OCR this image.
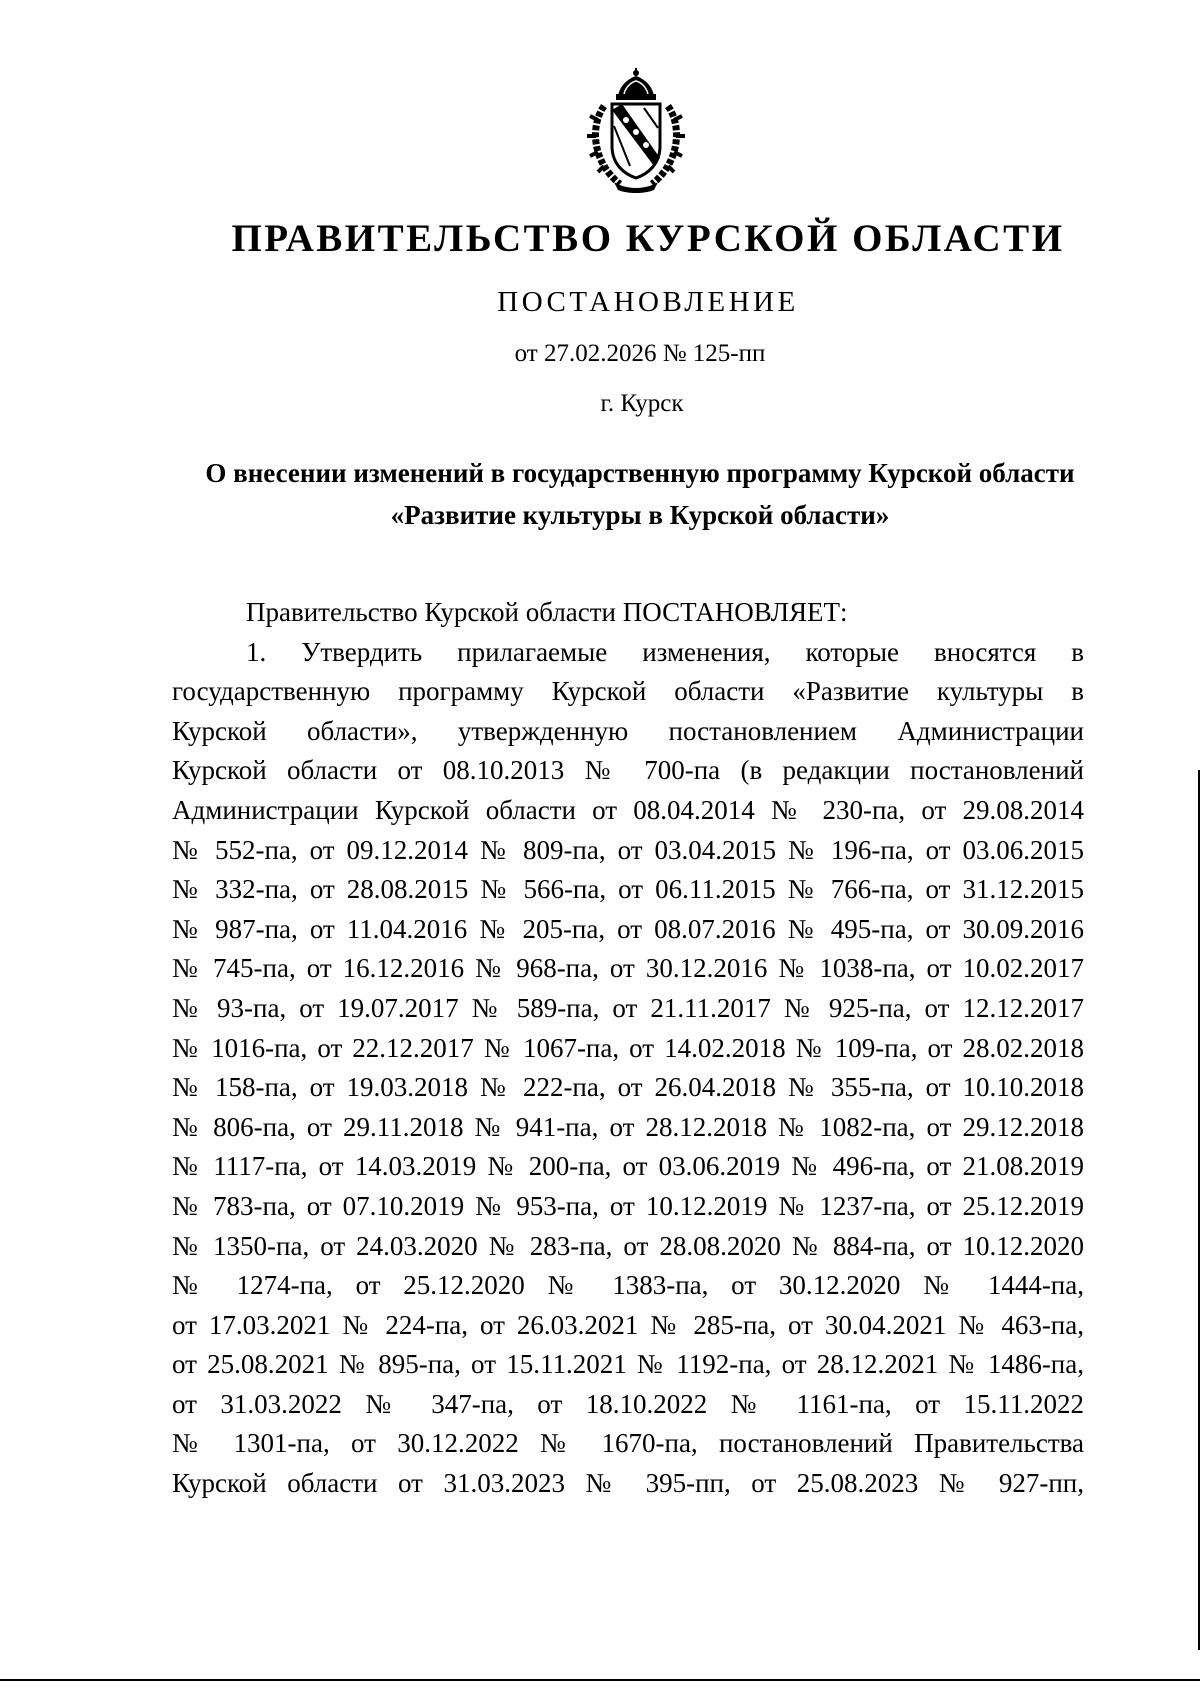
ПРАВИТЕЛЬСТВО КУРСКОЙ ОБЛАСТИ
ПОСТАНОВЛЕНИЕ
от 27.02.2026 № 125-пп
г. Курск
О внесении изменений в государственную программу Курской области
«Развитие культуры в Курской области»
Правительство Курской области ПОСТАНОВЛЯЕТ:
1. Утвердить прилагаемые изменения, которые вносятся в
государственную программу Курской области «Развитие культуры в
Курской области», утвержденную постановлением Администрации
Курской области от 08.10.2013 № 700-па (в редакции постановлений
Администрации Курской области от 08.04.2014 № 230-па, от 29.08.2014
№ 552-па, от 09.12.2014 № 809-па, от 03.04.2015 № 196-па, от 03.06.2015
№ 332-па, от 28.08.2015 № 566-па, от 06.11.2015 № 766-па, от 31.12.2015
№ 987-па, от 11.04.2016 № 205-па, от 08.07.2016 № 495-па, от 30.09.2016
№ 745-па, от 16.12.2016 № 968-па, от 30.12.2016 № 1038-па, от 10.02.2017
№ 93-па, от 19.07.2017 № 589-па, от 21.11.2017 № 925-па, от 12.12.2017
№ 1016-па, от 22.12.2017 № 1067-па, от 14.02.2018 № 109-па, от 28.02.2018
№ 158-па, от 19.03.2018 № 222-па, от 26.04.2018 № 355-па, от 10.10.2018
№ 806-па, от 29.11.2018 № 941-па, от 28.12.2018 № 1082-па, от 29.12.2018
№ 1117-па, от 14.03.2019 № 200-па, от 03.06.2019 № 496-па, от 21.08.2019
№ 783-па, от 07.10.2019 № 953-па, от 10.12.2019 № 1237-па, от 25.12.2019
№ 1350-па, от 24.03.2020 № 283-па, от 28.08.2020 № 884-па, от 10.12.2020
№ 1274-па, от 25.12.2020 № 1383-па, от 30.12.2020 № 1444-па,
от 17.03.2021 № 224-па, от 26.03.2021 № 285-па, от 30.04.2021 № 463-па,
от 25.08.2021 № 895-па, от 15.11.2021 № 1192-па, от 28.12.2021 № 1486-па,
от 31.03.2022 № 347-па, от 18.10.2022 № 1161-па, от 15.11.2022
№ 1301-па, от 30.12.2022 № 1670-па, постановлений Правительства
Курской области от 31.03.2023 № 395-пп, от 25.08.2023 № 927-пп,
